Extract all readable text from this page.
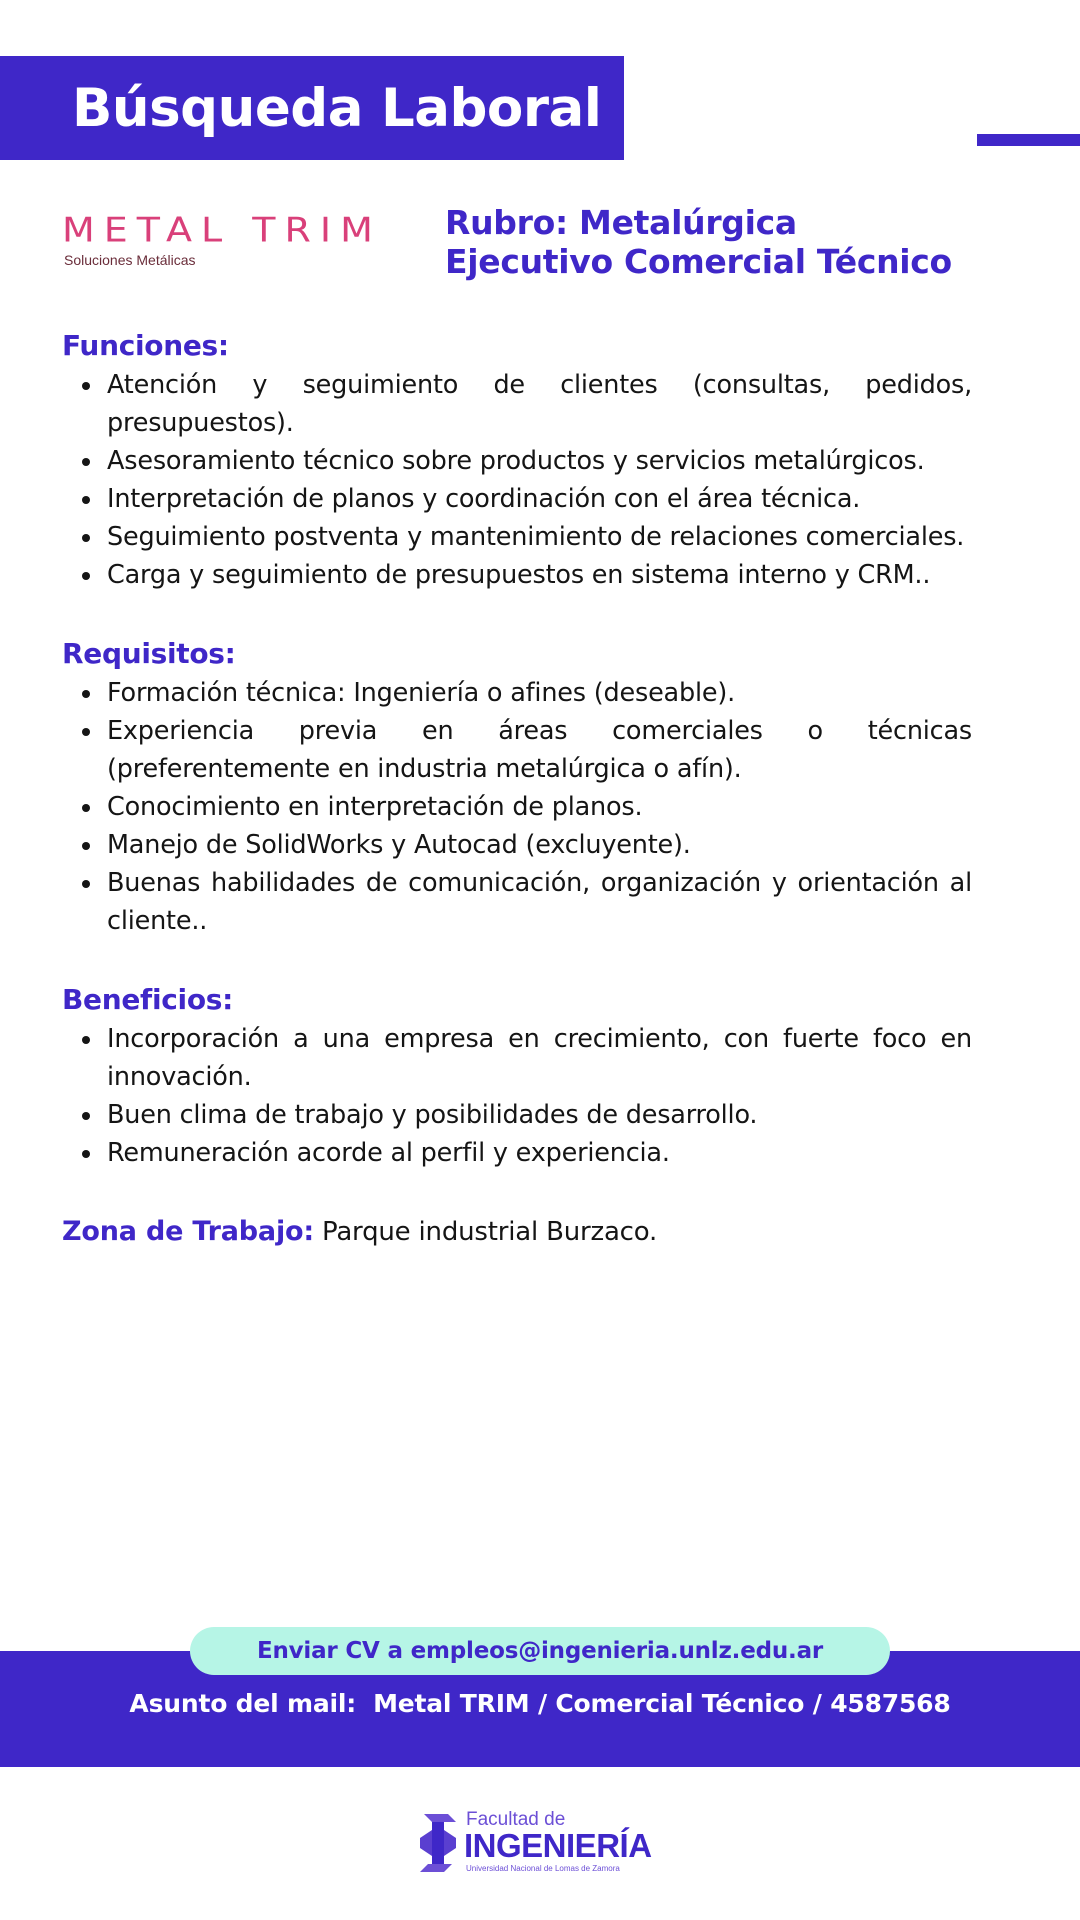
Búsqueda Laboral
METAL TRIM
Soluciones Metálicas
Rubro: Metalúrgica
Ejecutivo Comercial Técnico
Funciones:
Atención y seguimiento de clientes (consultas, pedidos, presupuestos).
Asesoramiento técnico sobre productos y servicios metalúrgicos.
Interpretación de planos y coordinación con el área técnica.
Seguimiento postventa y mantenimiento de relaciones comerciales.
Carga y seguimiento de presupuestos en sistema interno y CRM..
Requisitos:
Formación técnica: Ingeniería o afines (deseable).
Experiencia previa en áreas comerciales o técnicas (preferentemente en industria metalúrgica o afín).
Conocimiento en interpretación de planos.
Manejo de SolidWorks y Autocad (excluyente).
Buenas habilidades de comunicación, organización y orientación al cliente..
Beneficios:
Incorporación a una empresa en crecimiento, con fuerte foco en innovación.
Buen clima de trabajo y posibilidades de desarrollo.
Remuneración acorde al perfil y experiencia.
Zona de Trabajo: Parque industrial Burzaco.
Enviar CV a empleos@ingenieria.unlz.edu.ar
Asunto del mail:  Metal TRIM / Comercial Técnico / 4587568
Facultad de
INGENIERÍA
Universidad Nacional de Lomas de Zamora
